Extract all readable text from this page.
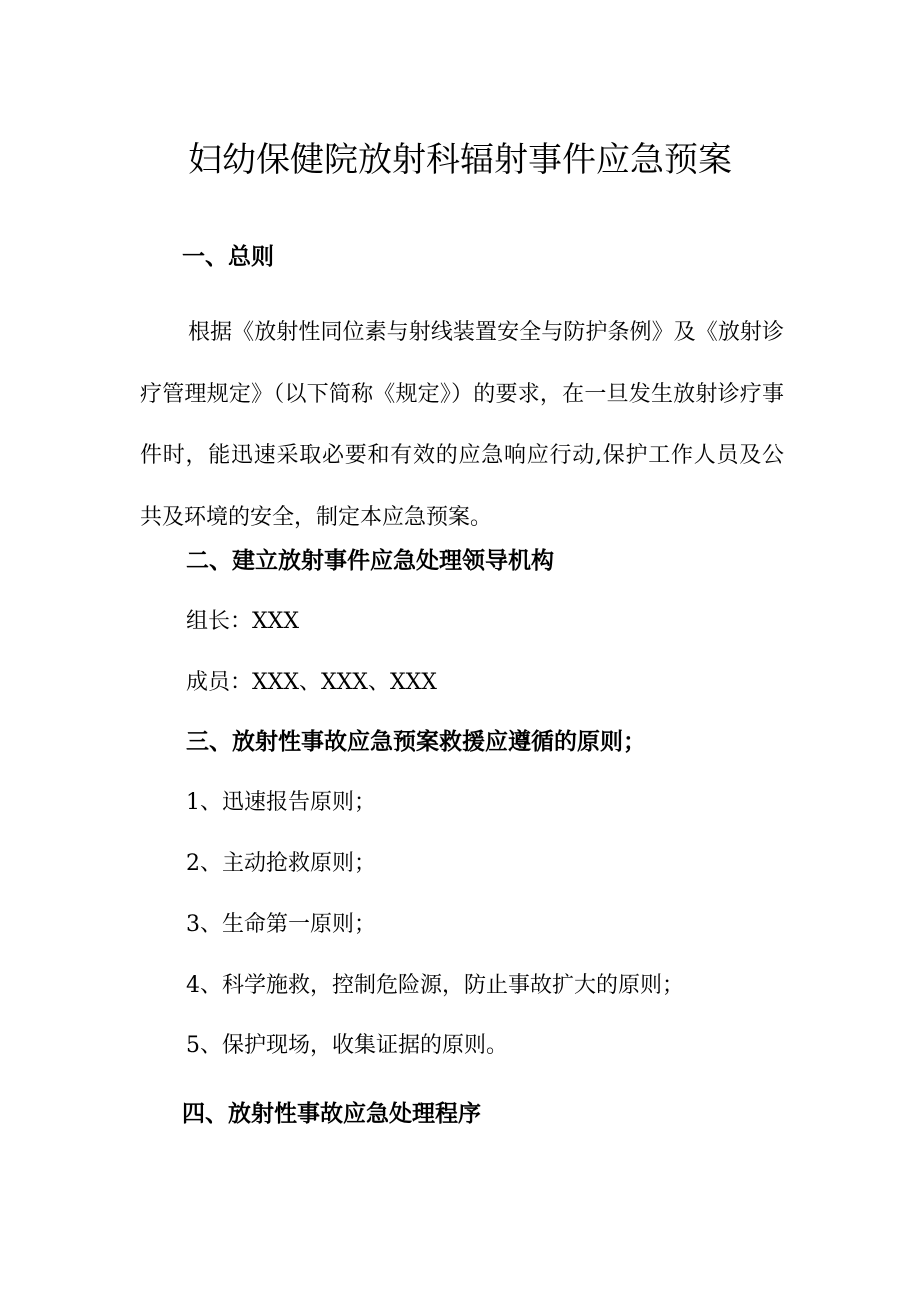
妇幼保健院放射科辐射事件应急预案
一、总则
根据《放射性同位素与射线装置安全与防护条例》及《放射诊疗管理规定》（以下简称《规定》）的要求，在一旦发生放射诊疗事件时，能迅速采取必要和有效的应急响应行动,保护工作人员及公共及环境的安全，制定本应急预案。
二、建立放射事件应急处理领导机构
组长：XXX
成员：XXX、XXX、XXX
三、放射性事故应急预案救援应遵循的原则；
1、迅速报告原则；
2、主动抢救原则；
3、生命第一原则；
4、科学施救，控制危险源，防止事故扩大的原则；
5、保护现场，收集证据的原则。
四、放射性事故应急处理程序
